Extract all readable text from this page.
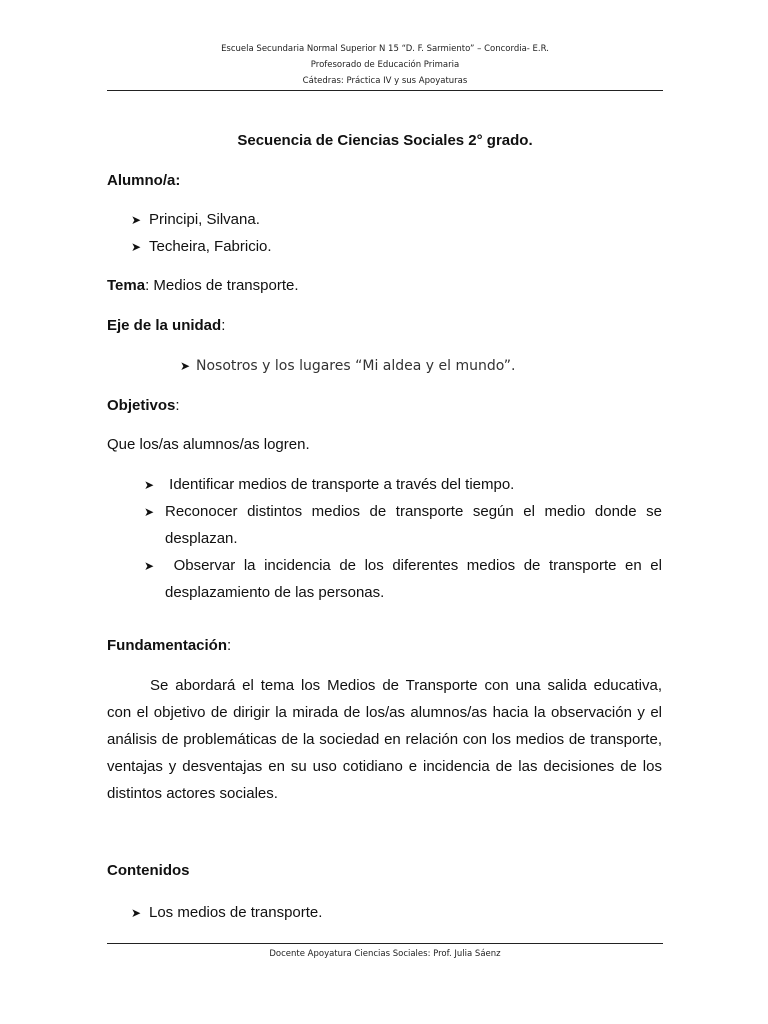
Escuela Secundaria Normal Superior N 15 “D. F. Sarmiento” – Concordia- E.R.
Profesorado de Educación Primaria
Cátedras: Práctica IV y sus Apoyaturas
Secuencia de Ciencias Sociales 2° grado.
Alumno/a:
➤ Principi, Silvana.
➤ Techeira, Fabricio.
Tema: Medios de transporte.
Eje de la unidad:
➤ Nosotros y los lugares “Mi aldea y el mundo”.
Objetivos:
Que los/as alumnos/as logren.
➤ Identificar medios de transporte a través del tiempo.
➤ Reconocer distintos medios de transporte según el medio donde se
desplazan.
➤ Observar la incidencia de los diferentes medios de transporte en el
desplazamiento de las personas.
Fundamentación:
Se abordará el tema los Medios de Transporte con una salida educativa,
con el objetivo de dirigir la mirada de los/as alumnos/as hacia la observación y el
análisis de problemáticas de la sociedad en relación con los medios de transporte,
ventajas y desventajas en su uso cotidiano e incidencia de las decisiones de los
distintos actores sociales.
Contenidos
➤ Los medios de transporte.
Docente Apoyatura Ciencias Sociales: Prof. Julia Sáenz
